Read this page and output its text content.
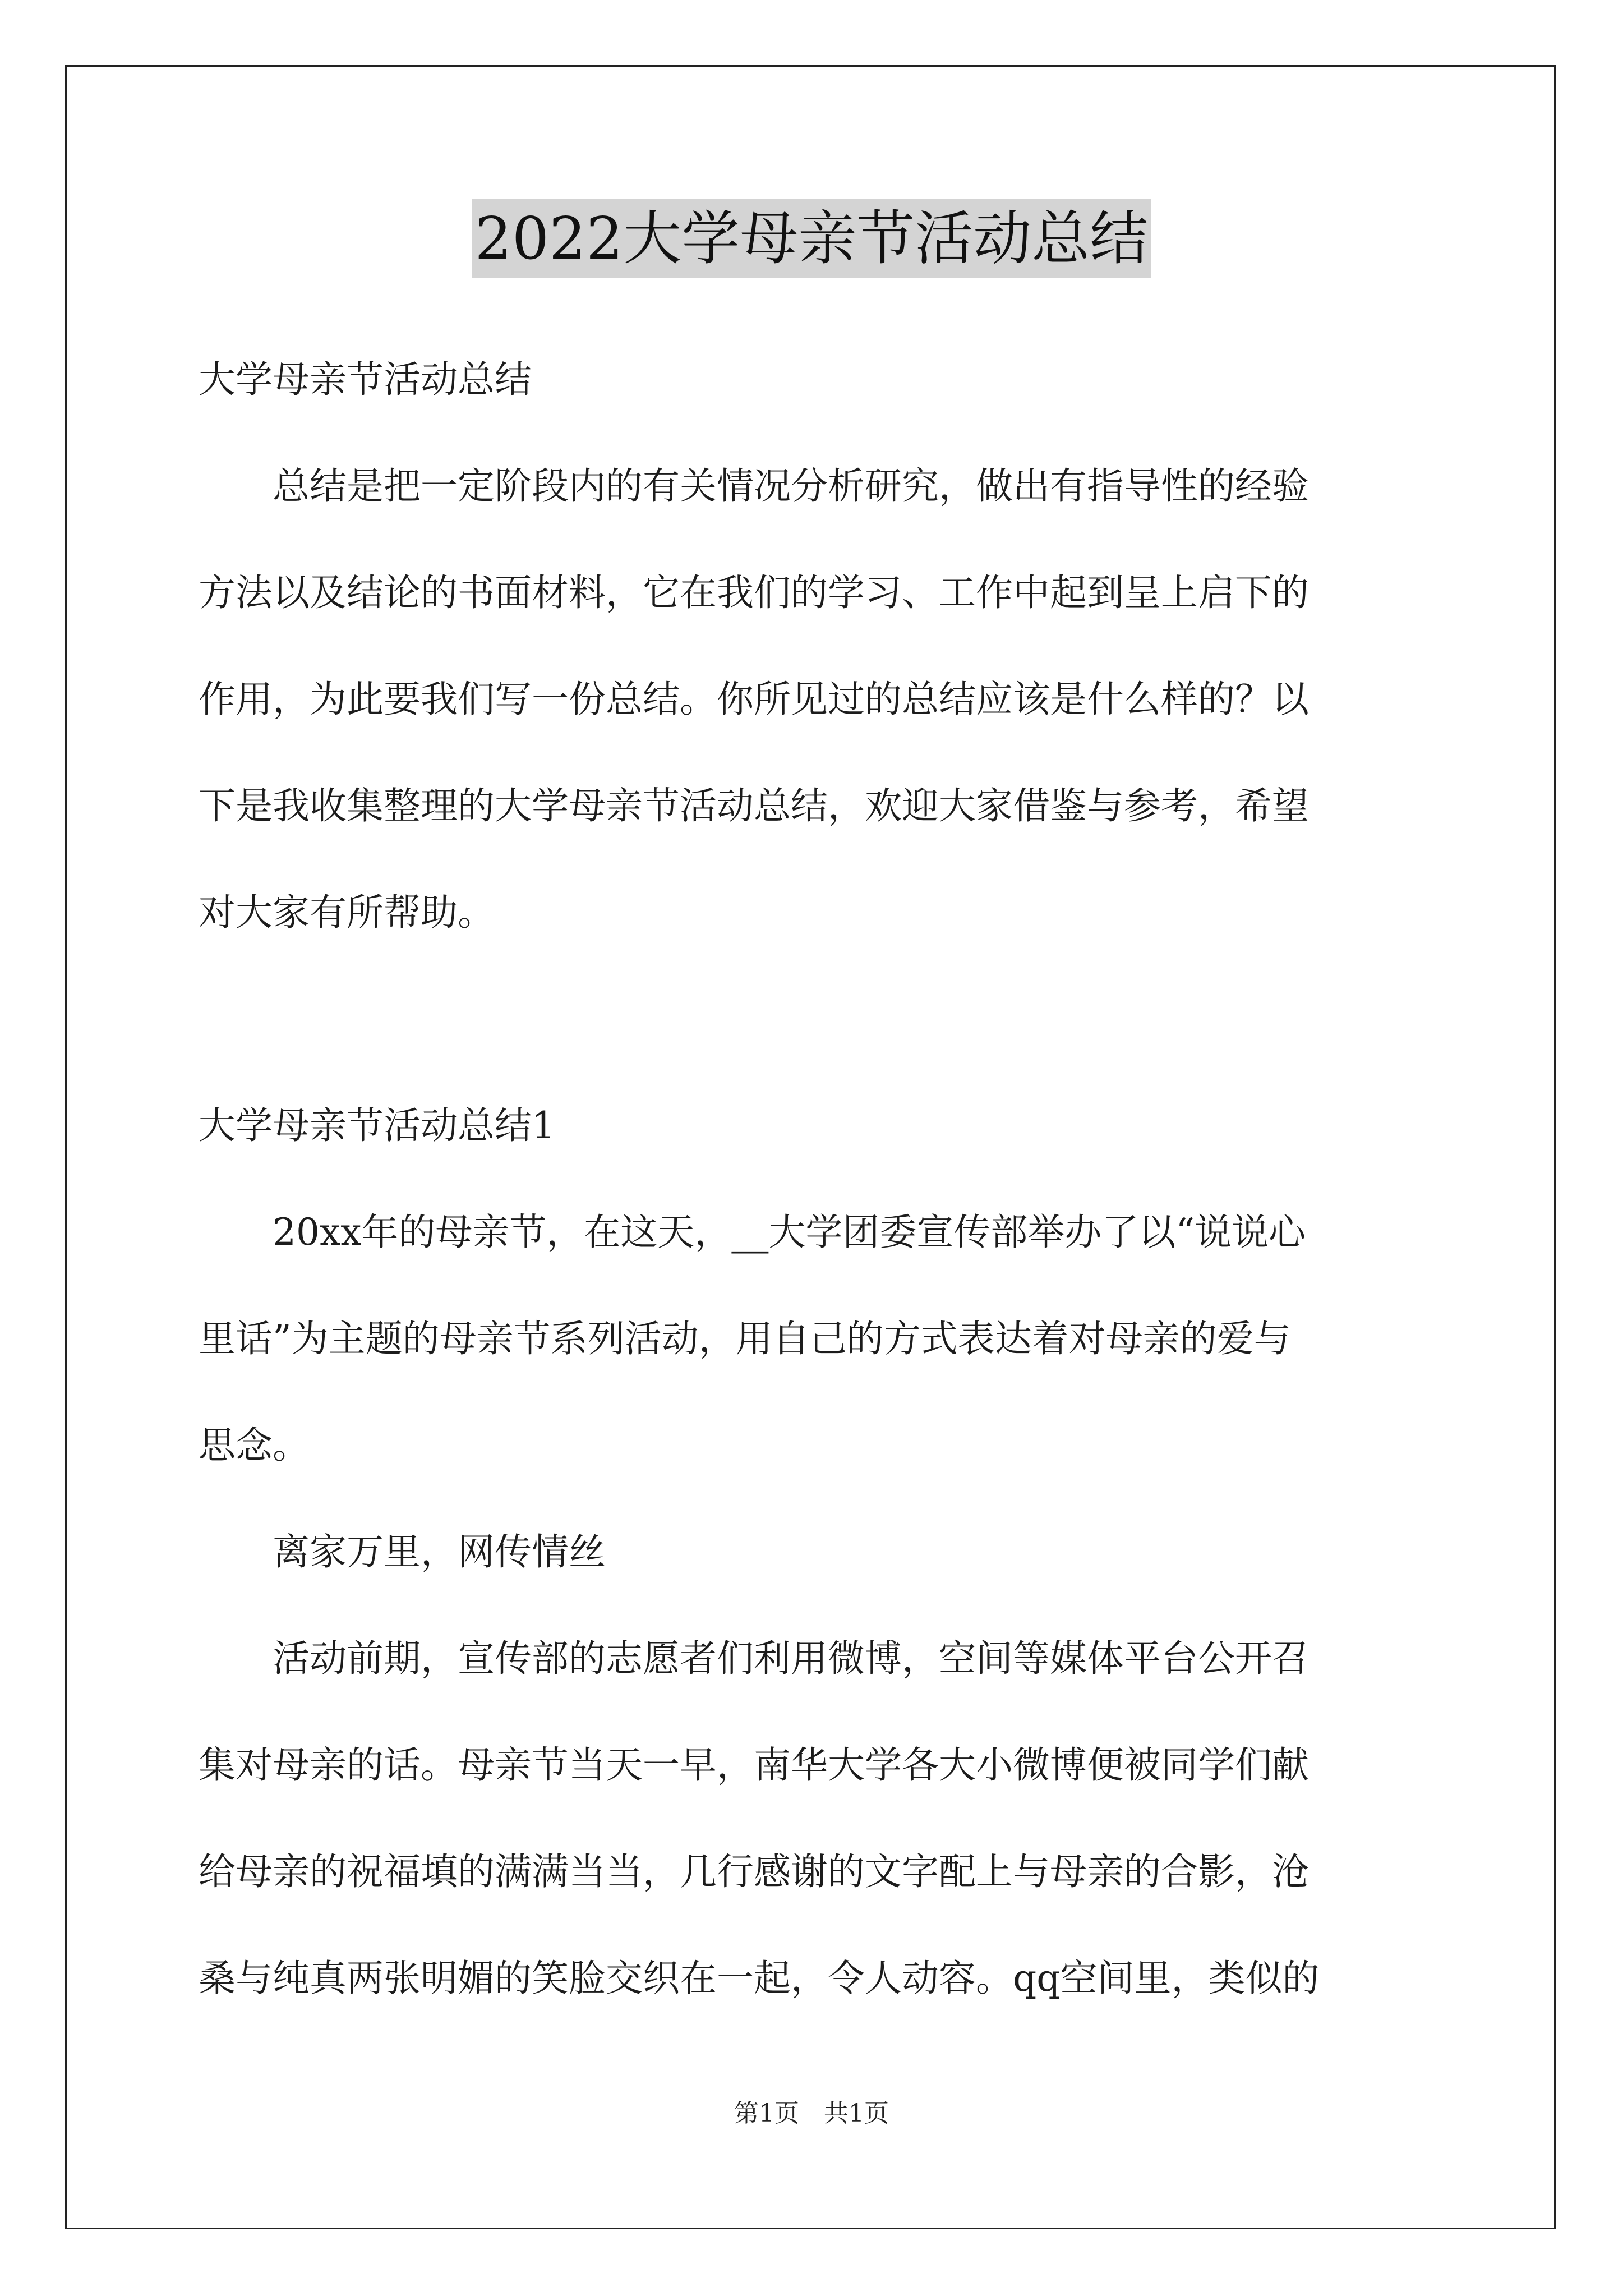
2022大学母亲节活动总结
大学母亲节活动总结
　　总结是把一定阶段内的有关情况分析研究，做出有指导性的经验
方法以及结论的书面材料，它在我们的学习、工作中起到呈上启下的
作用，为此要我们写一份总结。你所见过的总结应该是什么样的？以
下是我收集整理的大学母亲节活动总结，欢迎大家借鉴与参考，希望
对大家有所帮助。
大学母亲节活动总结1
　　20xx年的母亲节，在这天，__大学团委宣传部举办了以“说说心
里话”为主题的母亲节系列活动，用自己的方式表达着对母亲的爱与
思念。
　　离家万里，网传情丝
　　活动前期，宣传部的志愿者们利用微博，空间等媒体平台公开召
集对母亲的话。母亲节当天一早，南华大学各大小微博便被同学们献
给母亲的祝福填的满满当当，几行感谢的文字配上与母亲的合影，沧
桑与纯真两张明媚的笑脸交织在一起，令人动容。qq空间里，类似的
第1页　共1页
